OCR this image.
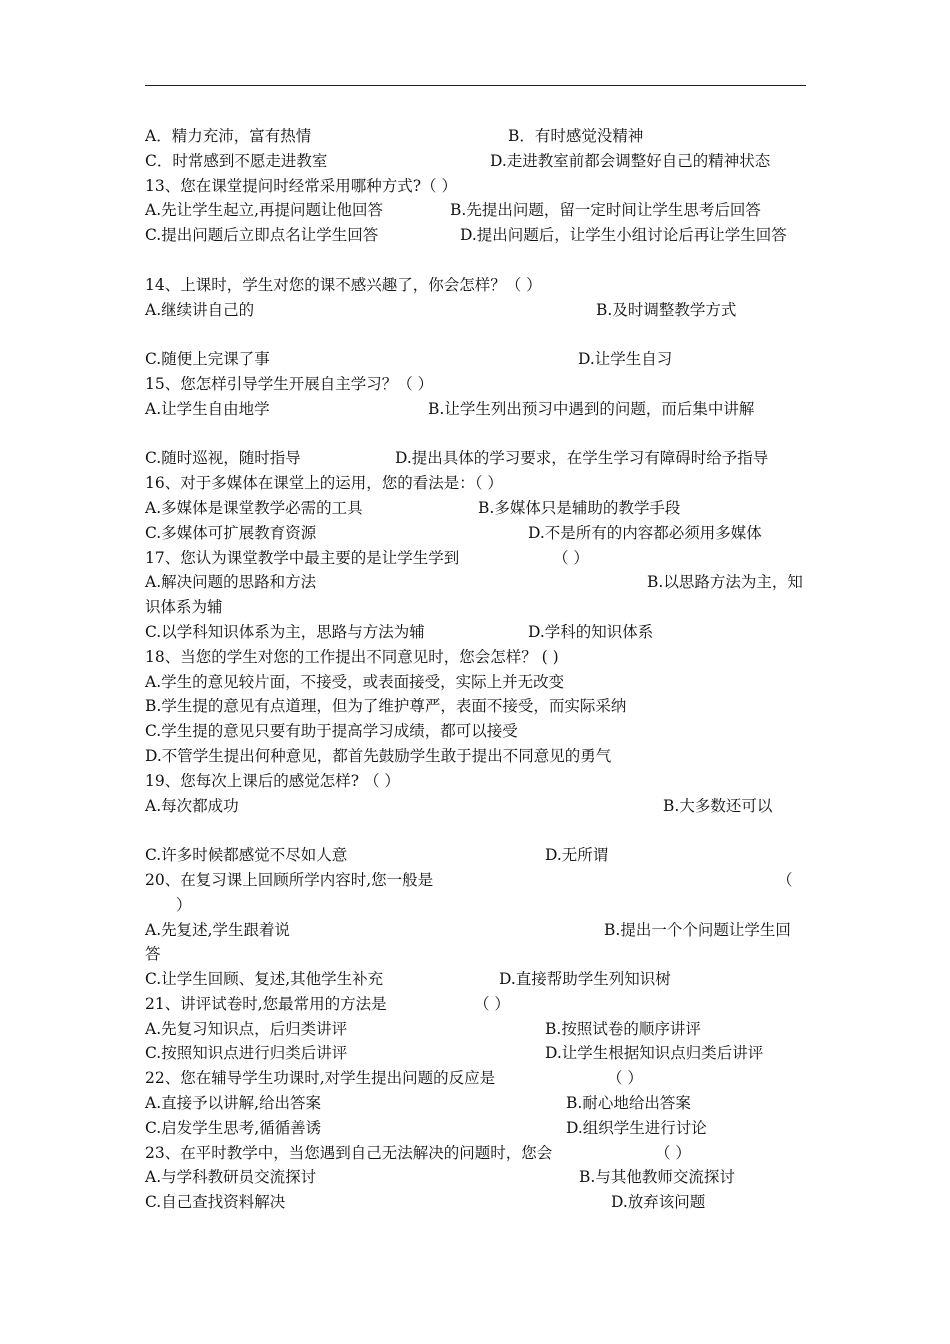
A．精力充沛，富有热情	B．有时感觉没精神
C．时常感到不愿走进教室	D.走进教室前都会调整好自己的精神状态
13、您在课堂提问时经常采用哪种方式?（ ）
A.先让学生起立,再提问题让他回答	B.先提出问题，留一定时间让学生思考后回答
C.提出问题后立即点名让学生回答	D.提出问题后，让学生小组讨论后再让学生回答
14、上课时，学生对您的课不感兴趣了，你会怎样？（ ）
A.继续讲自己的	B.及时调整教学方式
C.随便上完课了事	D.让学生自习
15、您怎样引导学生开展自主学习？（ ）
A.让学生自由地学	B.让学生列出预习中遇到的问题，而后集中讲解
C.随时巡视，随时指导	D.提出具体的学习要求，在学生学习有障碍时给予指导
16、对于多媒体在课堂上的运用，您的看法是：（ ）
A.多媒体是课堂教学必需的工具	B.多媒体只是辅助的教学手段
C.多媒体可扩展教育资源	D.不是所有的内容都必须用多媒体
17、您认为课堂教学中最主要的是让学生学到	（ ）
A.解决问题的思路和方法	B.以思路方法为主，知
识体系为辅
C.以学科知识体系为主，思路与方法为辅	D.学科的知识体系
18、当您的学生对您的工作提出不同意见时，您会怎样？ ( )
A.学生的意见较片面，不接受，或表面接受，实际上并无改变
B.学生提的意见有点道理，但为了维护尊严，表面不接受，而实际采纳
C.学生提的意见只要有助于提高学习成绩，都可以接受
D.不管学生提出何种意见，都首先鼓励学生敢于提出不同意见的勇气
19、您每次上课后的感觉怎样? （ ）
A.每次都成功	B.大多数还可以
C.许多时候都感觉不尽如人意	D.无所谓
20、在复习课上回顾所学内容时,您一般是	（
）
A.先复述,学生跟着说	B.提出一个个问题让学生回
答
C.让学生回顾、复述,其他学生补充	D.直接帮助学生列知识树
21、讲评试卷时,您最常用的方法是	（ ）
A.先复习知识点，后归类讲评	B.按照试卷的顺序讲评
C.按照知识点进行归类后讲评	D.让学生根据知识点归类后讲评
22、您在辅导学生功课时,对学生提出问题的反应是	（ ）
A.直接予以讲解,给出答案	B.耐心地给出答案
C.启发学生思考,循循善诱	D.组织学生进行讨论
23、在平时教学中，当您遇到自己无法解决的问题时，您会	（ ）
A.与学科教研员交流探讨	B.与其他教师交流探讨
C.自己查找资料解决	D.放弃该问题
